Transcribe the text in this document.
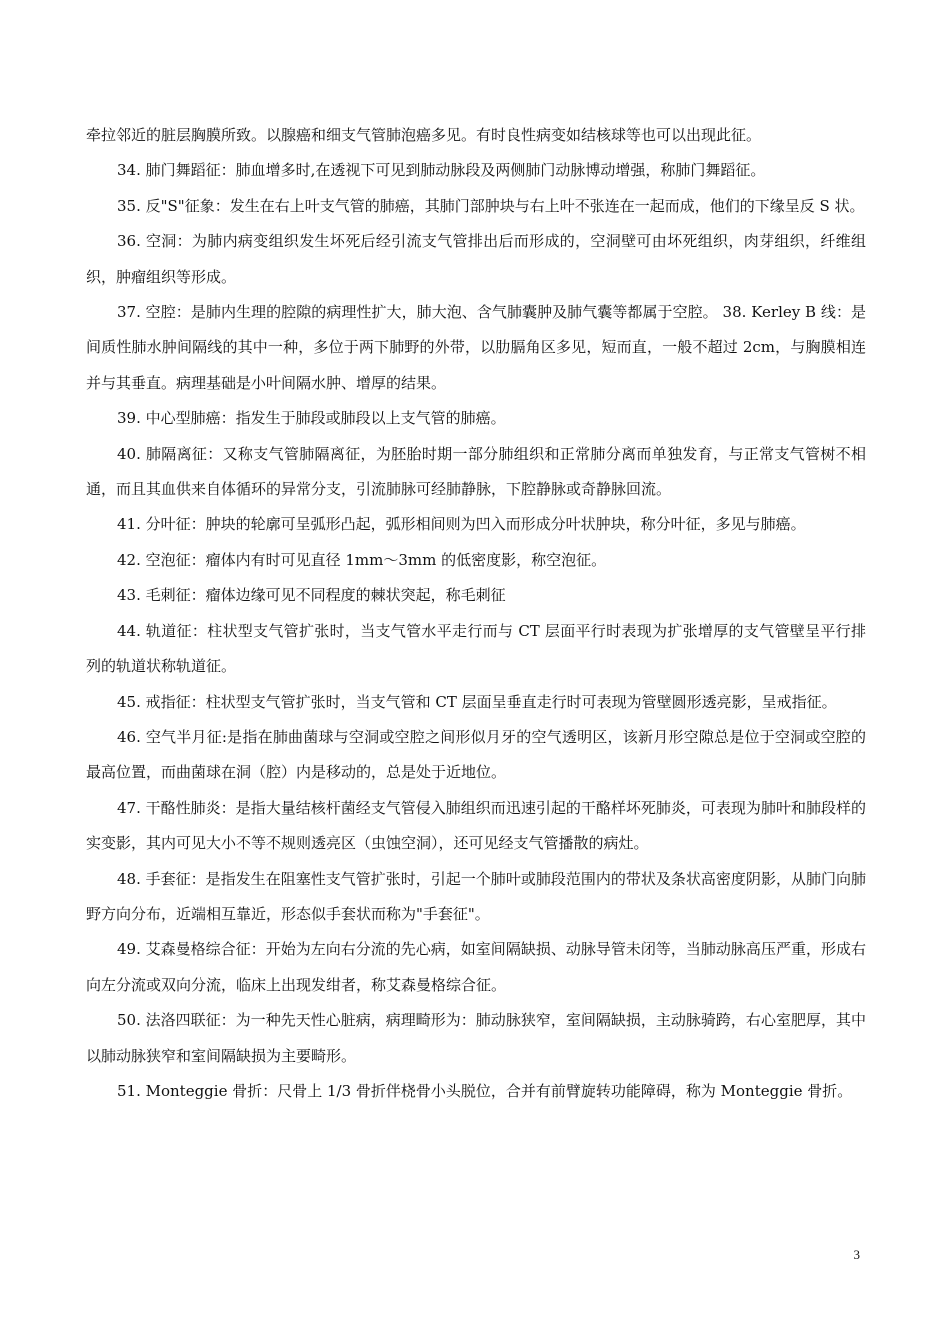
牵拉邻近的脏层胸膜所致。以腺癌和细支气管肺泡癌多见。有时良性病变如结核球等也可以出现此征。

34. 肺门舞蹈征：肺血增多时,在透视下可见到肺动脉段及两侧肺门动脉博动增强，称肺门舞蹈征。

35. 反"S"征象：发生在右上叶支气管的肺癌，其肺门部肿块与右上叶不张连在一起而成，他们的下缘呈反 S 状。

36. 空洞：为肺内病变组织发生坏死后经引流支气管排出后而形成的，空洞壁可由坏死组织，肉芽组织，纤维组织，肿瘤组织等形成。

37. 空腔：是肺内生理的腔隙的病理性扩大，肺大泡、含气肺囊肿及肺气囊等都属于空腔。 38. Kerley B 线：是间质性肺水肿间隔线的其中一种，多位于两下肺野的外带，以肋膈角区多见，短而直，一般不超过 2cm，与胸膜相连并与其垂直。病理基础是小叶间隔水肿、增厚的结果。

39. 中心型肺癌：指发生于肺段或肺段以上支气管的肺癌。

40. 肺隔离征：又称支气管肺隔离征，为胚胎时期一部分肺组织和正常肺分离而单独发育，与正常支气管树不相通，而且其血供来自体循环的异常分支，引流肺脉可经肺静脉，下腔静脉或奇静脉回流。

41. 分叶征：肿块的轮廓可呈弧形凸起，弧形相间则为凹入而形成分叶状肿块，称分叶征，多见与肺癌。

42. 空泡征：瘤体内有时可见直径 1mm～3mm 的低密度影，称空泡征。

43. 毛刺征：瘤体边缘可见不同程度的棘状突起，称毛刺征

44. 轨道征：柱状型支气管扩张时，当支气管水平走行而与 CT 层面平行时表现为扩张增厚的支气管壁呈平行排列的轨道状称轨道征。

45. 戒指征：柱状型支气管扩张时，当支气管和 CT 层面呈垂直走行时可表现为管壁圆形透亮影，呈戒指征。

46. 空气半月征:是指在肺曲菌球与空洞或空腔之间形似月牙的空气透明区，该新月形空隙总是位于空洞或空腔的最高位置，而曲菌球在洞（腔）内是移动的，总是处于近地位。

47. 干酪性肺炎：是指大量结核杆菌经支气管侵入肺组织而迅速引起的干酪样坏死肺炎，可表现为肺叶和肺段样的实变影，其内可见大小不等不规则透亮区（虫蚀空洞），还可见经支气管播散的病灶。

48. 手套征：是指发生在阻塞性支气管扩张时，引起一个肺叶或肺段范围内的带状及条状高密度阴影，从肺门向肺野方向分布，近端相互靠近，形态似手套状而称为"手套征"。

49. 艾森曼格综合征：开始为左向右分流的先心病，如室间隔缺损、动脉导管未闭等，当肺动脉高压严重，形成右向左分流或双向分流，临床上出现发绀者，称艾森曼格综合征。

50. 法洛四联征：为一种先天性心脏病，病理畸形为：肺动脉狭窄，室间隔缺损，主动脉骑跨，右心室肥厚，其中以肺动脉狭窄和室间隔缺损为主要畸形。

51. Monteggie 骨折：尺骨上 1/3 骨折伴桡骨小头脱位，合并有前臂旋转功能障碍，称为 Monteggie 骨折。

3
